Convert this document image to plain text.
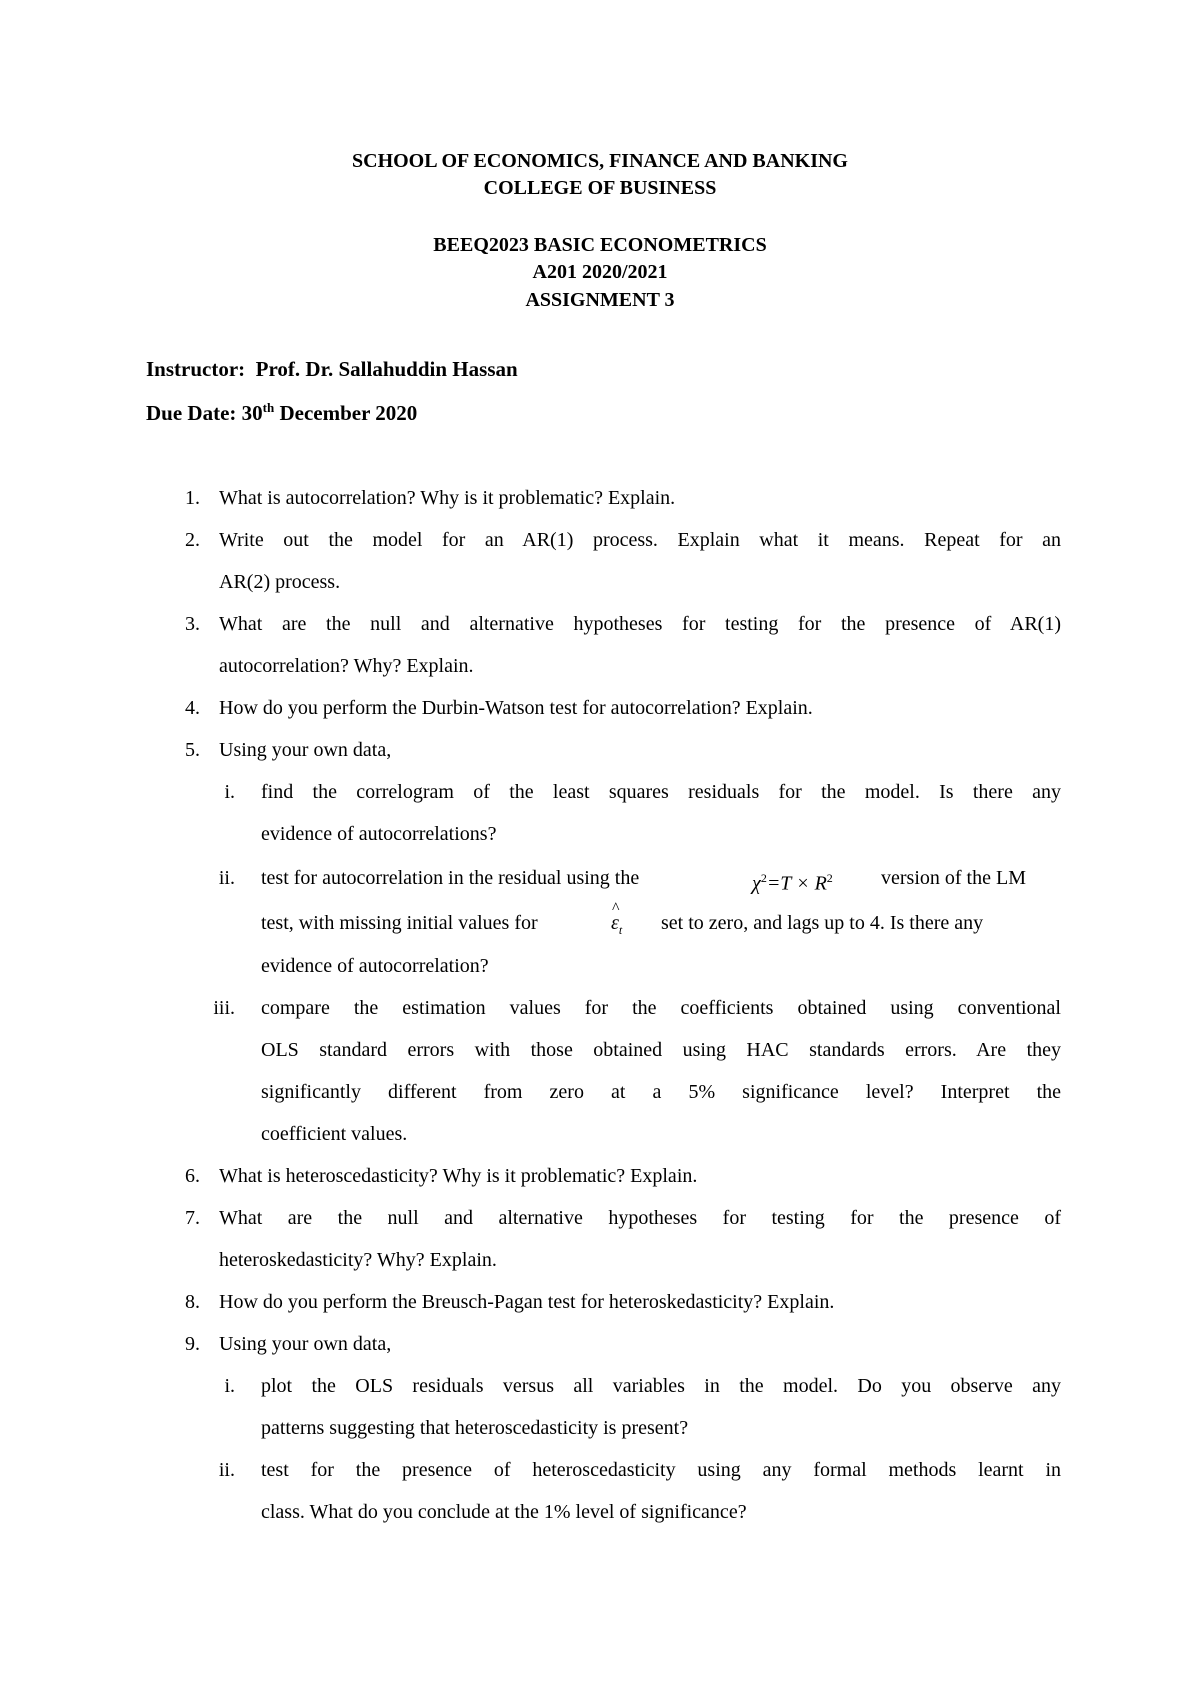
SCHOOL OF ECONOMICS, FINANCE AND BANKING
COLLEGE OF BUSINESS
BEEQ2023 BASIC ECONOMETRICS
A201 2020/2021
ASSIGNMENT 3
Instructor: Prof. Dr. Sallahuddin Hassan
Due Date: 30th December 2020
1. What is autocorrelation? Why is it problematic? Explain.
2. Write out the model for an AR(1) process. Explain what it means. Repeat for an
AR(2) process.
3. What are the null and alternative hypotheses for testing for the presence of AR(1)
autocorrelation? Why? Explain.
4. How do you perform the Durbin-Watson test for autocorrelation? Explain.
5. Using your own data,
i. find the correlogram of the least squares residuals for the model. Is there any
evidence of autocorrelations?
ii. test for autocorrelation in the residual using the	$\chi^2=T \times R^2$ version of the LM
test, with missing initial values for
^
$\varepsilon_t$ set to zero, and lags up to 4. Is there any
evidence of autocorrelation?
iii. compare the estimation values for the coefficients obtained using conventional
OLS standard errors with those obtained using HAC standards errors. Are they
significantly different from zero at a 5% significance level? Interpret the
coefficient values.
6. What is heteroscedasticity? Why is it problematic? Explain.
7. What are the null and alternative hypotheses for testing for the presence of
heteroskedasticity? Why? Explain.
8. How do you perform the Breusch-Pagan test for heteroskedasticity? Explain.
9. Using your own data,
i. plot the OLS residuals versus all variables in the model. Do you observe any
patterns suggesting that heteroscedasticity is present?
ii. test for the presence of heteroscedasticity using any formal methods learnt in
class. What do you conclude at the 1% level of significance?
